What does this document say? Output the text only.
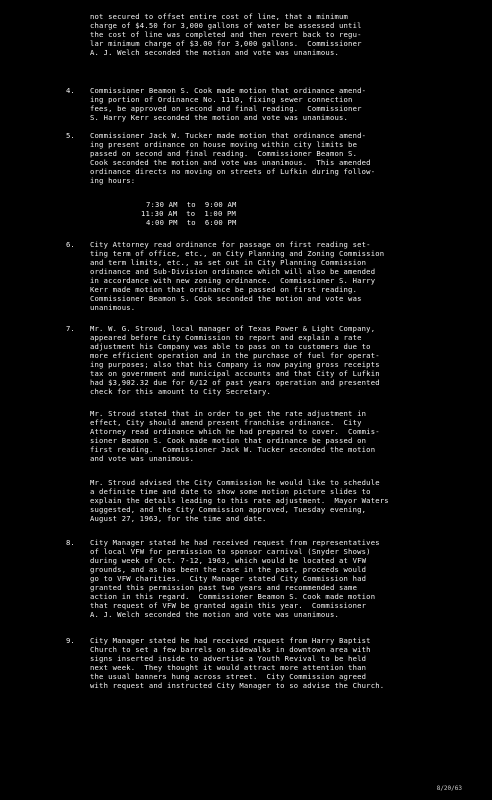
not secured to offset entire cost of line, that a minimum
charge of $4.50 for 3,000 gallons of water be assessed until
the cost of line was completed and then revert back to regu-
lar minimum charge of $3.00 for 3,000 gallons.  Commissioner
A. J. Welch seconded the motion and vote was unanimous.
4. Commissioner Beamon S. Cook made motion that ordinance amend-
ing portion of Ordinance No. 1110, fixing sewer connection
fees, be approved on second and final reading.  Commissioner
S. Harry Kerr seconded the motion and vote was unanimous.
5. Commissioner Jack W. Tucker made motion that ordinance amend-
ing present ordinance on house moving within city limits be
passed on second and final reading.  Commissioner Beamon S.
Cook seconded the motion and vote was unanimous.  This amended
ordinance directs no moving on streets of Lufkin during follow-
ing hours:
7:30 AM  to  9:00 AM
11:30 AM  to  1:00 PM
4:00 PM  to  6:00 PM
6. City Attorney read ordinance for passage on first reading set-
ting term of office, etc., on City Planning and Zoning Commission
and term limits, etc., as set out in City Planning Commission
ordinance and Sub-Division ordinance which will also be amended
in accordance with new zoning ordinance.  Commissioner S. Harry
Kerr made motion that ordinance be passed on first reading.
Commissioner Beamon S. Cook seconded the motion and vote was
unanimous.
7. Mr. W. G. Stroud, local manager of Texas Power & Light Company,
appeared before City Commission to report and explain a rate
adjustment his Company was able to pass on to customers due to
more efficient operation and in the purchase of fuel for operat-
ing purposes; also that his Company is now paying gross receipts
tax on government and municipal accounts and that City of Lufkin
had $3,902.32 due for 6/12 of past years operation and presented
check for this amount to City Secretary.
Mr. Stroud stated that in order to get the rate adjustment in
effect, City should amend present franchise ordinance.  City
Attorney read ordinance which he had prepared to cover.  Commis-
sioner Beamon S. Cook made motion that ordinance be passed on
first reading.  Commissioner Jack W. Tucker seconded the motion
and vote was unanimous.
Mr. Stroud advised the City Commission he would like to schedule
a definite time and date to show some motion picture slides to
explain the details leading to this rate adjustment.  Mayor Waters
suggested, and the City Commission approved, Tuesday evening,
August 27, 1963, for the time and date.
8. City Manager stated he had received request from representatives
of local VFW for permission to sponsor carnival (Snyder Shows)
during week of Oct. 7-12, 1963, which would be located at VFW
grounds, and as has been the case in the past, proceeds would
go to VFW charities.  City Manager stated City Commission had
granted this permission past two years and recommended same
action in this regard.  Commissioner Beamon S. Cook made motion
that request of VFW be granted again this year.  Commissioner
A. J. Welch seconded the motion and vote was unanimous.
9. City Manager stated he had received request from Harry Baptist
Church to set a few barrels on sidewalks in downtown area with
signs inserted inside to advertise a Youth Revival to be held
next week.  They thought it would attract more attention than
the usual banners hung across street.  City Commission agreed
with request and instructed City Manager to so advise the Church.
8/20/63
